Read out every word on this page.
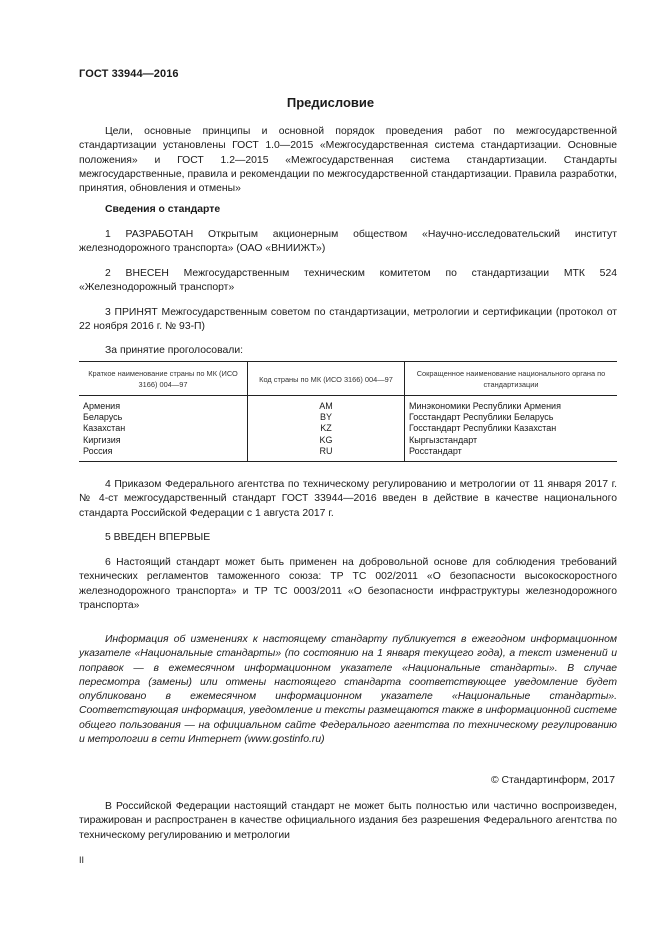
ГОСТ 33944—2016
Предисловие
Цели, основные принципы и основной порядок проведения работ по межгосударственной стандартизации установлены ГОСТ 1.0—2015 «Межгосударственная система стандартизации. Основные положения» и ГОСТ 1.2—2015 «Межгосударственная система стандартизации. Стандарты межгосударственные, правила и рекомендации по межгосударственной стандартизации. Правила разработки, принятия, обновления и отмены»
Сведения о стандарте
1 РАЗРАБОТАН Открытым акционерным обществом «Научно-исследовательский институт железнодорожного транспорта» (ОАО «ВНИИЖТ»)
2 ВНЕСЕН Межгосударственным техническим комитетом по стандартизации МТК 524 «Железнодорожный транспорт»
3 ПРИНЯТ Межгосударственным советом по стандартизации, метрологии и сертификации (протокол от 22 ноября 2016 г. № 93-П)
За принятие проголосовали:
Краткое наименование страны по МК (ИСО 3166) 004—97	Код страны по МК (ИСО 3166) 004—97	Сокращенное наименование национального органа по стандартизации
Армения	AM	Минэкономики Республики Армения
Беларусь	BY	Госстандарт Республики Беларусь
Казахстан	KZ	Госстандарт Республики Казахстан
Киргизия	KG	Кыргызстандарт
Россия	RU	Росстандарт
4 Приказом Федерального агентства по техническому регулированию и метрологии от 11 января 2017 г. № 4-ст межгосударственный стандарт ГОСТ 33944—2016 введен в действие в качестве национального стандарта Российской Федерации с 1 августа 2017 г.
5 ВВЕДЕН ВПЕРВЫЕ
6 Настоящий стандарт может быть применен на добровольной основе для соблюдения требований технических регламентов таможенного союза: ТР ТС 002/2011 «О безопасности высокоскоростного железнодорожного транспорта» и ТР ТС 0003/2011 «О безопасности инфраструктуры железнодорожного транспорта»
Информация об изменениях к настоящему стандарту публикуется в ежегодном информационном указателе «Национальные стандарты» (по состоянию на 1 января текущего года), а текст изменений и поправок — в ежемесячном информационном указателе «Национальные стандарты». В случае пересмотра (замены) или отмены настоящего стандарта соответствующее уведомление будет опубликовано в ежемесячном информационном указателе «Национальные стандарты». Соответствующая информация, уведомление и тексты размещаются также в информационной системе общего пользования — на официальном сайте Федерального агентства по техническому регулированию и метрологии в сети Интернет (www.gostinfo.ru)
© Стандартинформ, 2017
В Российской Федерации настоящий стандарт не может быть полностью или частично воспроизведен, тиражирован и распространен в качестве официального издания без разрешения Федерального агентства по техническому регулированию и метрологии
II
